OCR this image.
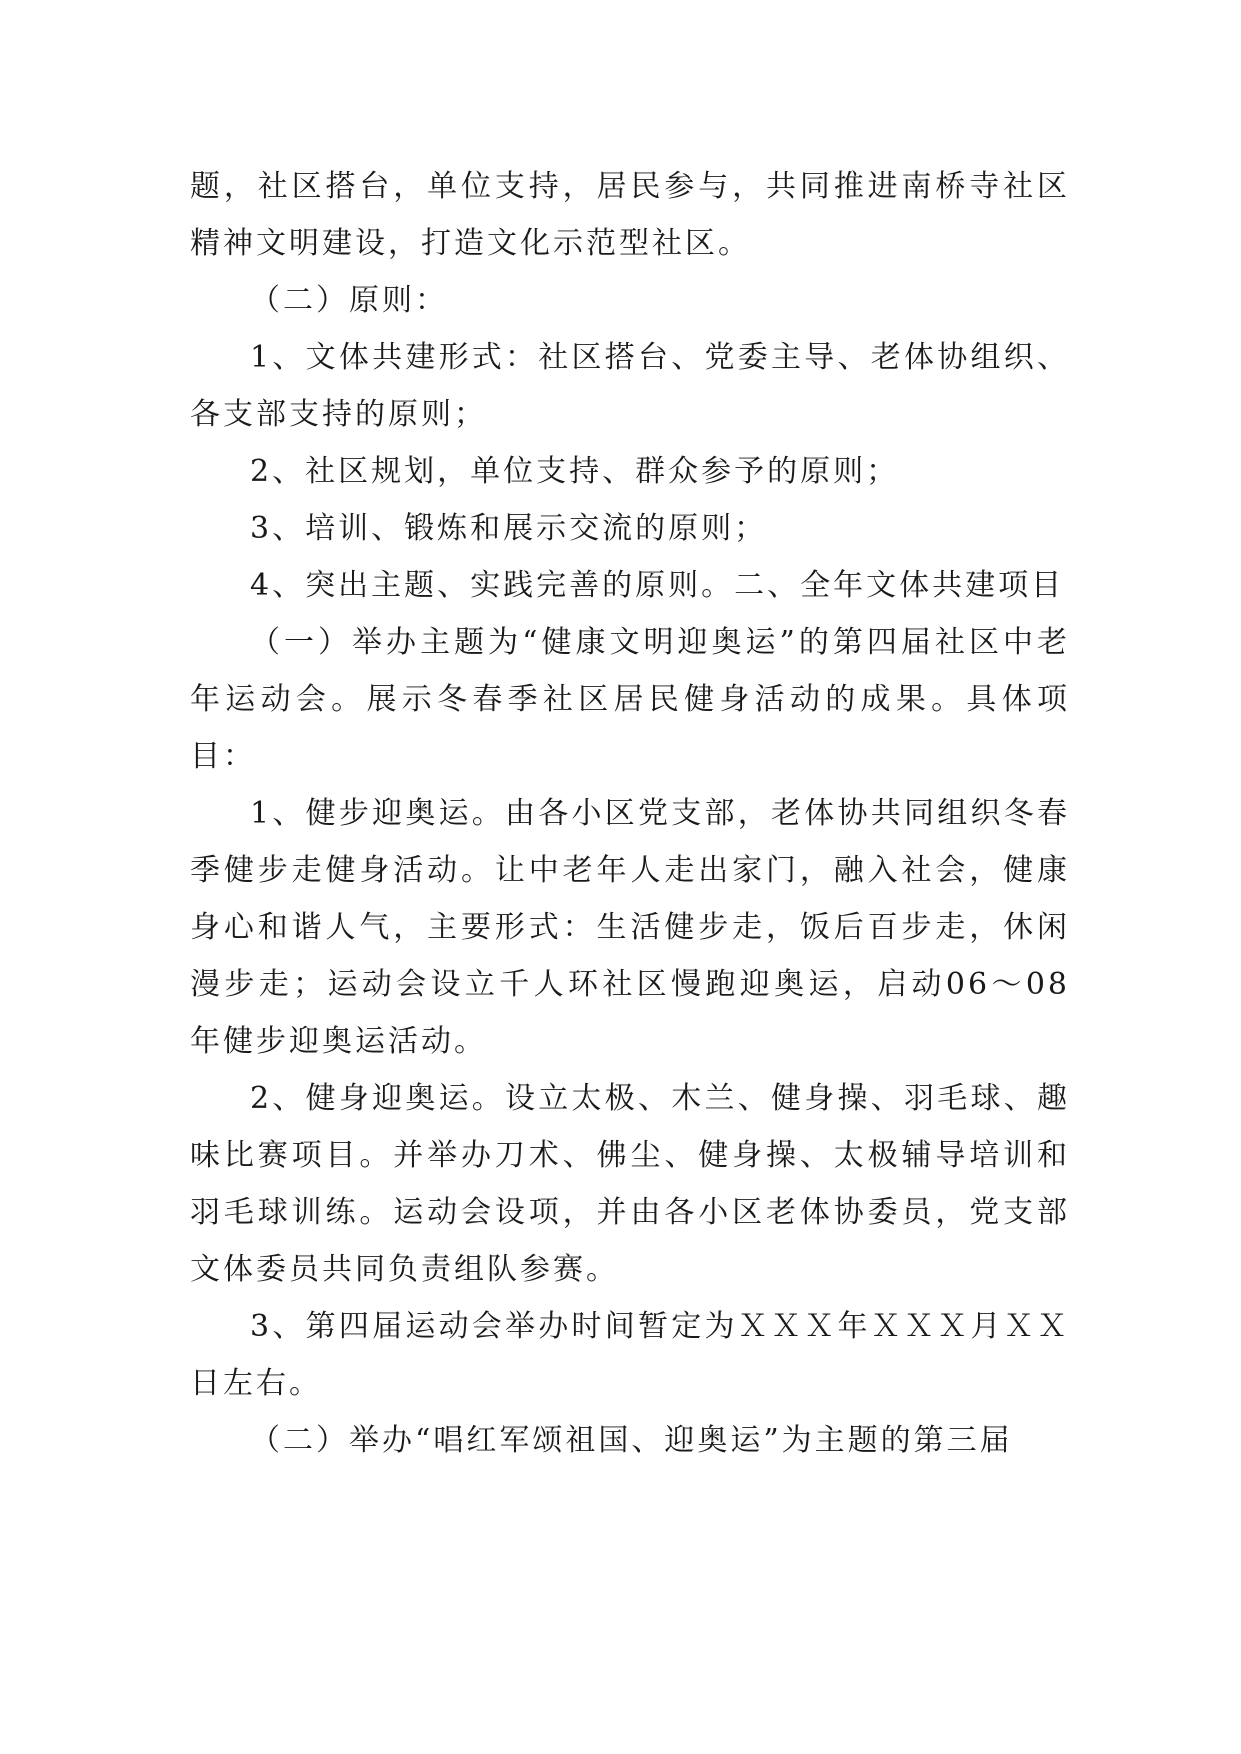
题，社区搭台，单位支持，居民参与，共同推进南桥寺社区精神文明建设，打造文化示范型社区。

（二）原则：

1、文体共建形式：社区搭台、党委主导、老体协组织、各支部支持的原则；

2、社区规划，单位支持、群众参予的原则；

3、培训、锻炼和展示交流的原则；

4、突出主题、实践完善的原则。二、全年文体共建项目

（一）举办主题为“健康文明迎奥运”的第四届社区中老年运动会。展示冬春季社区居民健身活动的成果。具体项目：

1、健步迎奥运。由各小区党支部，老体协共同组织冬春季健步走健身活动。让中老年人走出家门，融入社会，健康身心和谐人气，主要形式：生活健步走，饭后百步走，休闲漫步走；运动会设立千人环社区慢跑迎奥运，启动06～08年健步迎奥运活动。

2、健身迎奥运。设立太极、木兰、健身操、羽毛球、趣味比赛项目。并举办刀术、佛尘、健身操、太极辅导培训和羽毛球训练。运动会设项，并由各小区老体协委员，党支部文体委员共同负责组队参赛。

3、第四届运动会举办时间暂定为ＸＸＸ年ＸＸＸ月ＸＸ日左右。

（二）举办“唱红军颂祖国、迎奥运”为主题的第三届
